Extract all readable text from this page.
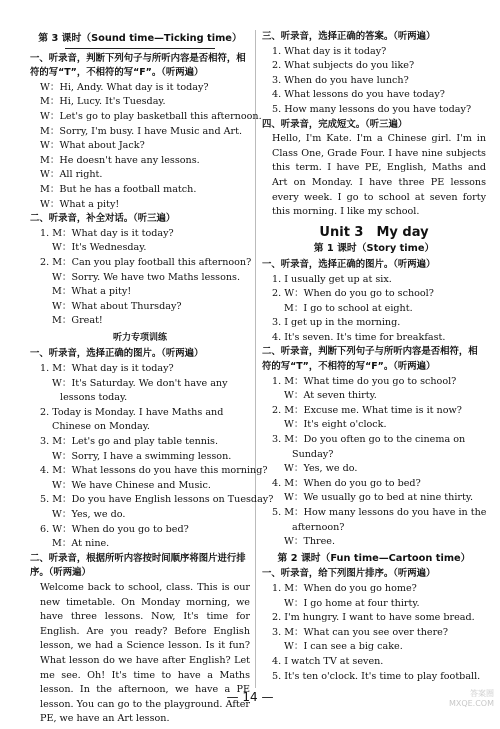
第 3 课时（Sound time—Ticking time）
一、听录音，判断下列句子与所听内容是否相符，相符的写“T”，不相符的写“F”。（听两遍）
W：Hi, Andy. What day is it today?
M：Hi, Lucy. It's Tuesday.
W：Let's go to play basketball this afternoon.
M：Sorry, I'm busy. I have Music and Art.
W：What about Jack?
M：He doesn't have any lessons.
W：All right.
M：But he has a football match.
W：What a pity!
二、听录音，补全对话。（听三遍）
1. M：What day is it today?
W：It's Wednesday.
2. M：Can you play football this afternoon?
W：Sorry. We have two Maths lessons.
M：What a pity!
W：What about Thursday?
M：Great!
听力专项训练
一、听录音，选择正确的图片。（听两遍）
1. M：What day is it today?
W：It's Saturday. We don't have any
lessons today.
2. Today is Monday. I have Maths and
Chinese on Monday.
3. M：Let's go and play table tennis.
W：Sorry, I have a swimming lesson.
4. M：What lessons do you have this morning?
W：We have Chinese and Music.
5. M：Do you have English lessons on Tuesday?
W：Yes, we do.
6. W：When do you go to bed?
M：At nine.
二、听录音，根据所听内容按时间顺序将图片进行排序。（听两遍）
Welcome back to school, class. This is our new timetable. On Monday morning, we have three lessons. Now, It's time for English. Are you ready? Before English lesson, we had a Science lesson. Is it fun? What lesson do we have after English? Let me see. Oh! It's time to have a Maths lesson. In the afternoon, we have a PE lesson. You can go to the playground. After PE, we have an Art lesson.
三、听录音，选择正确的答案。（听两遍）
1. What day is it today?
2. What subjects do you like?
3. When do you have lunch?
4. What lessons do you have today?
5. How many lessons do you have today?
四、听录音，完成短文。（听三遍）
Hello, I'm Kate. I'm a Chinese girl. I'm in Class One, Grade Four. I have nine subjects this term. I have PE, English, Maths and Art on Monday. I have three PE lessons every week. I go to school at seven forty this morning. I like my school.
Unit 3　My day
第 1 课时（Story time）
一、听录音，选择正确的图片。（听两遍）
1. I usually get up at six.
2. W：When do you go to school?
M：I go to school at eight.
3. I get up in the morning.
4. It's seven. It's time for breakfast.
二、听录音，判断下列句子与所听内容是否相符，相符的写“T”，不相符的写“F”。（听两遍）
1. M：What time do you go to school?
W：At seven thirty.
2. M：Excuse me. What time is it now?
W：It's eight o'clock.
3. M：Do you often go to the cinema on
Sunday?
W：Yes, we do.
4. M：When do you go to bed?
W：We usually go to bed at nine thirty.
5. M：How many lessons do you have in the
afternoon?
W：Three.
第 2 课时（Fun time—Cartoon time）
一、听录音，给下列图片排序。（听两遍）
1. M：When do you go home?
W：I go home at four thirty.
2. I'm hungry. I want to have some bread.
3. M：What can you see over there?
W：I can see a big cake.
4. I watch TV at seven.
5. It's ten o'clock. It's time to play football.
— 14 —	答案圈 MXQE.COM
